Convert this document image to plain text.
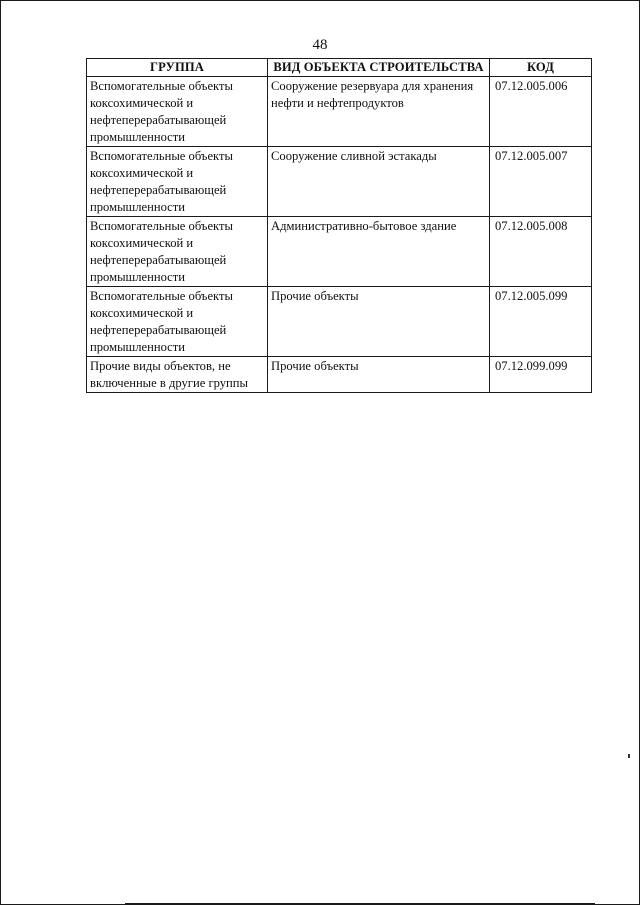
48
ГРУППА	ВИД ОБЪЕКТА СТРОИТЕЛЬСТВА	КОД
Вспомогательные объекты коксохимической и нефтеперерабатывающей промышленности	Сооружение резервуара для хранения нефти и нефтепродуктов	07.12.005.006
Вспомогательные объекты коксохимической и нефтеперерабатывающей промышленности	Сооружение сливной эстакады	07.12.005.007
Вспомогательные объекты коксохимической и нефтеперерабатывающей промышленности	Административно-бытовое здание	07.12.005.008
Вспомогательные объекты коксохимической и нефтеперерабатывающей промышленности	Прочие объекты	07.12.005.099
Прочие виды объектов, не включенные в другие группы	Прочие объекты	07.12.099.099
